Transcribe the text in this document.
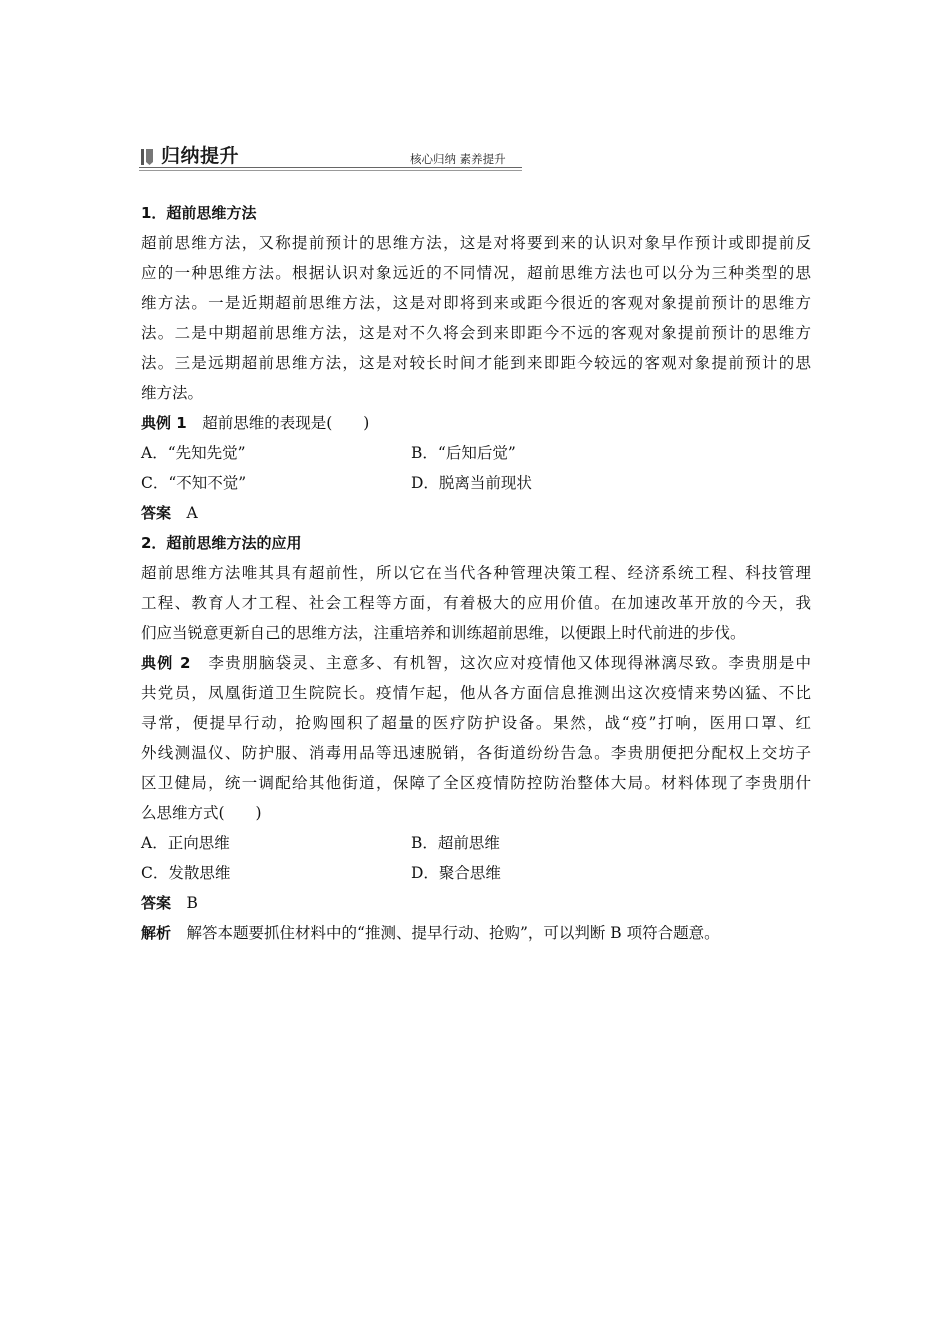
归纳提升	核心归纳 素养提升
1．超前思维方法
超前思维方法，又称提前预计的思维方法，这是对将要到来的认识对象早作预计或即提前反
应的一种思维方法。根据认识对象远近的不同情况，超前思维方法也可以分为三种类型的思
维方法。一是近期超前思维方法，这是对即将到来或距今很近的客观对象提前预计的思维方
法。二是中期超前思维方法，这是对不久将会到来即距今不远的客观对象提前预计的思维方
法。三是远期超前思维方法，这是对较长时间才能到来即距今较远的客观对象提前预计的思
维方法。
典例 1　 超前思维的表现是(　　)
A．“先知先觉”	B．“后知后觉”
C．“不知不觉”	D．脱离当前现状
答案　 A
2．超前思维方法的应用
超前思维方法唯其具有超前性，所以它在当代各种管理决策工程、经济系统工程、科技管理
工程、教育人才工程、社会工程等方面，有着极大的应用价值。在加速改革开放的今天，我
们应当锐意更新自己的思维方法，注重培养和训练超前思维，以便跟上时代前进的步伐。
典例 2　 李贵朋脑袋灵、主意多、有机智，这次应对疫情他又体现得淋漓尽致。李贵朋是中
共党员，凤凰街道卫生院院长。疫情乍起，他从各方面信息推测出这次疫情来势凶猛、不比
寻常，便提早行动，抢购囤积了超量的医疗防护设备。果然，战“疫”打响，医用口罩、红
外线测温仪、防护服、消毒用品等迅速脱销，各街道纷纷告急。李贵朋便把分配权上交坊子
区卫健局，统一调配给其他街道，保障了全区疫情防控防治整体大局。材料体现了李贵朋什
么思维方式(　　)
A．正向思维	B．超前思维
C．发散思维	D．聚合思维
答案　 B
解析　 解答本题要抓住材料中的“推测、提早行动、抢购”，可以判断 B 项符合题意。
